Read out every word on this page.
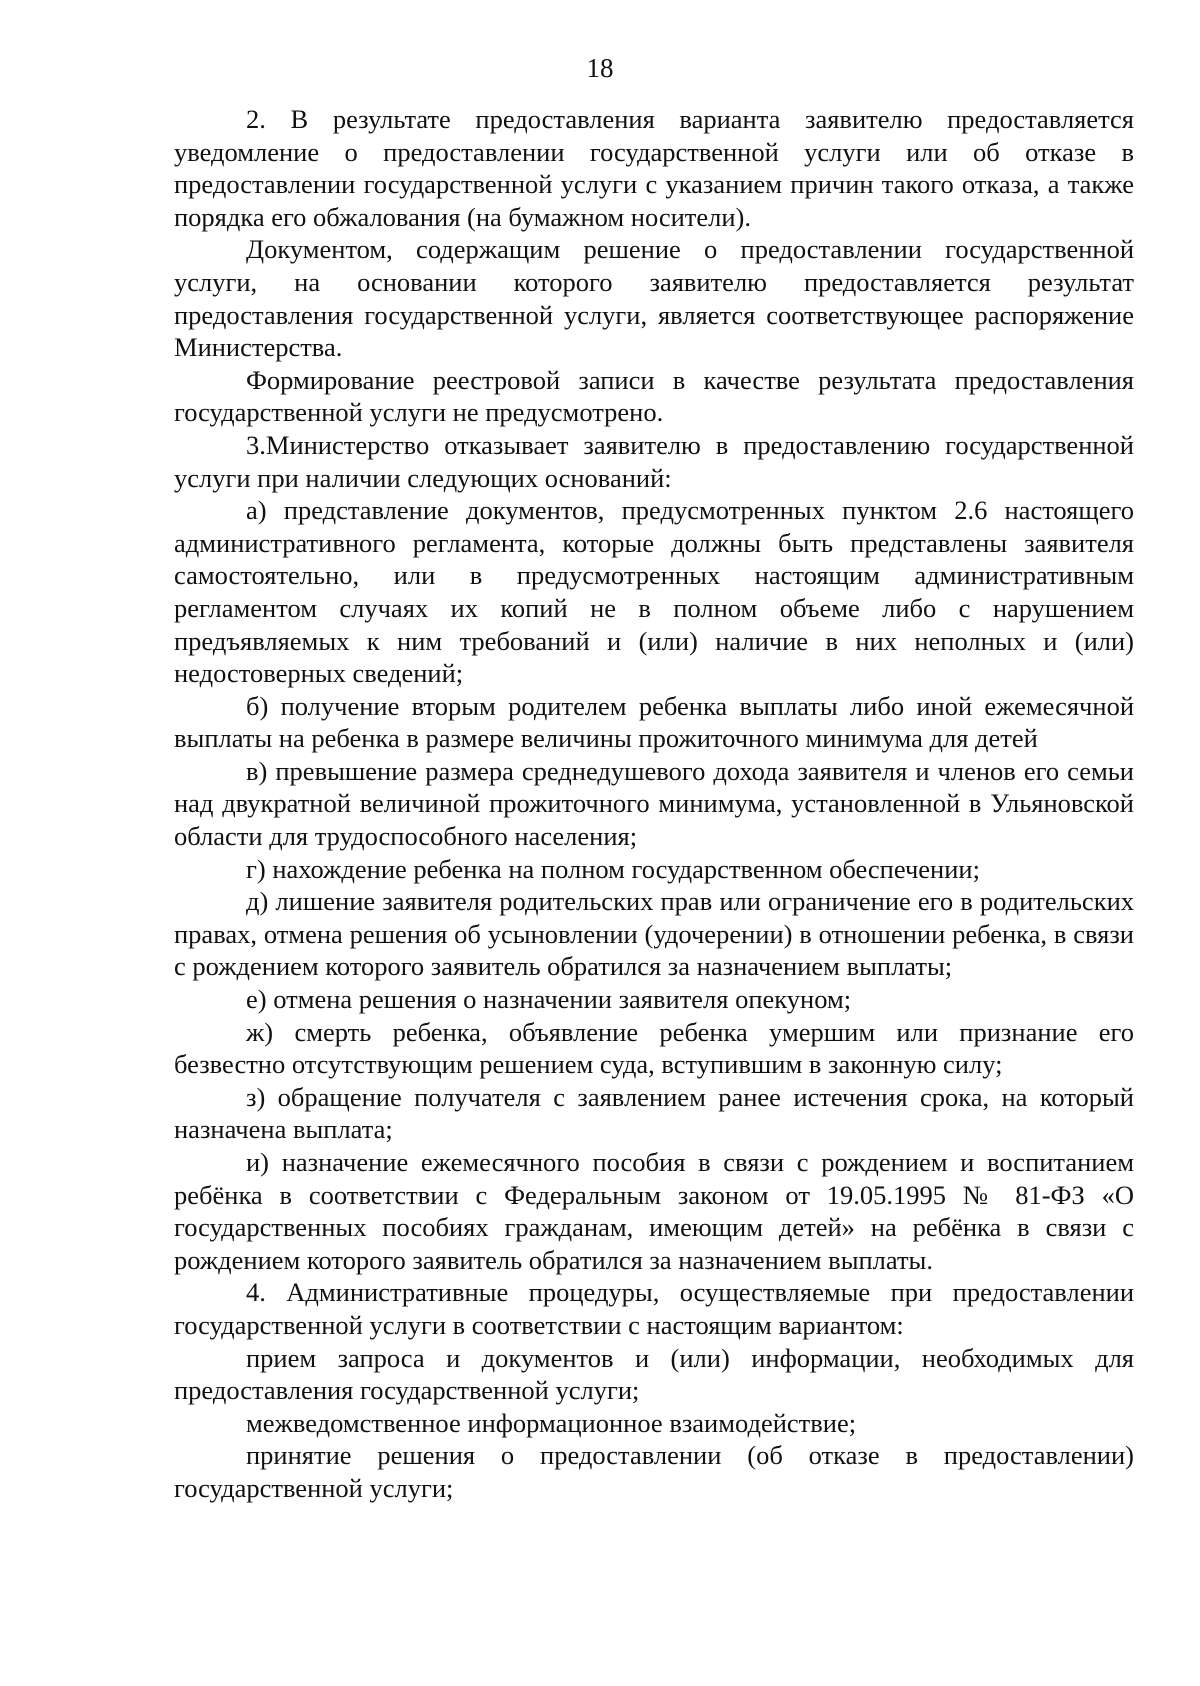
18

2. В результате предоставления варианта заявителю предоставляется уведомление о предоставлении государственной услуги или об отказе в предоставлении государственной услуги с указанием причин такого отказа, а также порядка его обжалования (на бумажном носители).

Документом, содержащим решение о предоставлении государственной услуги, на основании которого заявителю предоставляется результат предоставления государственной услуги, является соответствующее распоряжение Министерства.

Формирование реестровой записи в качестве результата предоставления государственной услуги не предусмотрено.

3.Министерство отказывает заявителю в предоставлению государственной услуги при наличии следующих оснований:

а) представление документов, предусмотренных пунктом 2.6 настоящего административного регламента, которые должны быть представлены заявителя самостоятельно, или в предусмотренных настоящим административным регламентом случаях их копий не в полном объеме либо с нарушением предъявляемых к ним требований и (или) наличие в них неполных и (или) недостоверных сведений;

б) получение вторым родителем ребенка выплаты либо иной ежемесячной выплаты на ребенка в размере величины прожиточного минимума для детей

в) превышение размера среднедушевого дохода заявителя и членов его семьи над двукратной величиной прожиточного минимума, установленной в Ульяновской области для трудоспособного населения;

г) нахождение ребенка на полном государственном обеспечении;

д) лишение заявителя родительских прав или ограничение его в родительских правах, отмена решения об усыновлении (удочерении) в отношении ребенка, в связи с рождением которого заявитель обратился за назначением выплаты;

е) отмена решения о назначении заявителя опекуном;

ж) смерть ребенка, объявление ребенка умершим или признание его безвестно отсутствующим решением суда, вступившим в законную силу;

з) обращение получателя с заявлением ранее истечения срока, на который назначена выплата;

и) назначение ежемесячного пособия в связи с рождением и воспитанием ребёнка в соответствии с Федеральным законом от 19.05.1995 № 81-ФЗ «О государственных пособиях гражданам, имеющим детей» на ребёнка в связи с рождением которого заявитель обратился за назначением выплаты.

4. Административные процедуры, осуществляемые при предоставлении государственной услуги в соответствии с настоящим вариантом:

прием запроса и документов и (или) информации, необходимых для предоставления государственной услуги;

межведомственное информационное взаимодействие;

принятие решения о предоставлении (об отказе в предоставлении) государственной услуги;
